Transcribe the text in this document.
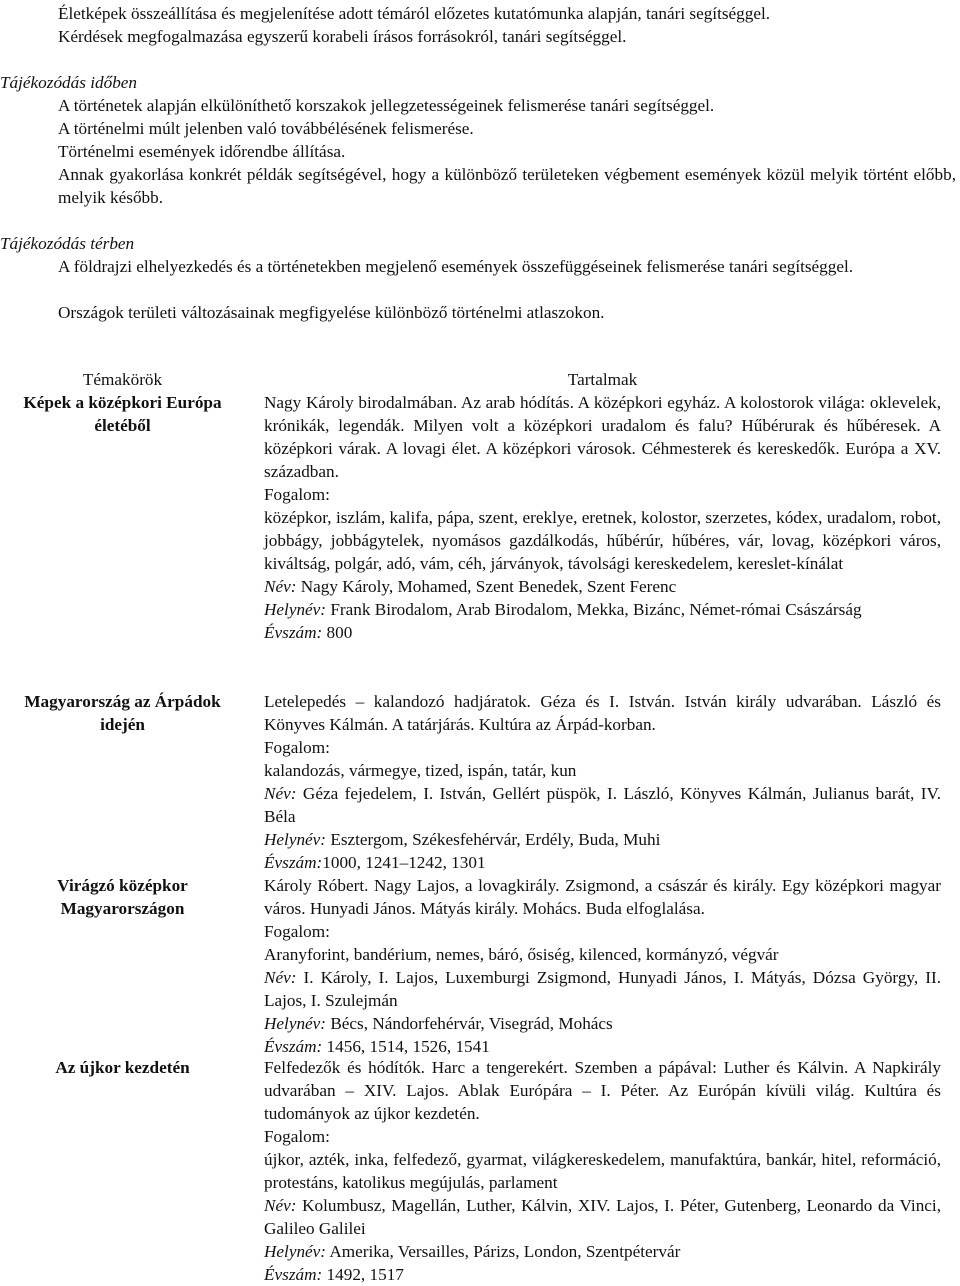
Életképek összeállítása és megjelenítése adott témáról előzetes kutatómunka alapján, tanári segítséggel.
Kérdések megfogalmazása egyszerű korabeli írásos forrásokról, tanári segítséggel.
Tájékozódás időben
A történetek alapján elkülöníthető korszakok jellegzetességeinek felismerése tanári segítséggel.
A történelmi múlt jelenben való továbbélésének felismerése.
Történelmi események időrendbe állítása.
Annak gyakorlása konkrét példák segítségével, hogy a különböző területeken végbement események közül melyik történt előbb, melyik később.
Tájékozódás térben
A földrajzi elhelyezkedés és a történetekben megjelenő események összefüggéseinek felismerése tanári segítséggel.
Országok területi változásainak megfigyelése különböző történelmi atlaszokon.
Témakörök	Tartalmak
Képek a középkori Európa életéből
Nagy Károly birodalmában. Az arab hódítás. A középkori egyház. A kolostorok világa: oklevelek, krónikák, legendák. Milyen volt a középkori uradalom és falu? Hűbérurak és hűbéresek. A középkori várak. A lovagi élet. A középkori városok. Céhmesterek és kereskedők. Európa a XV. században.
Fogalom:
középkor, iszlám, kalifa, pápa, szent, ereklye, eretnek, kolostor, szerzetes, kódex, uradalom, robot, jobbágy, jobbágytelek, nyomásos gazdálkodás, hűbérúr, hűbéres, vár, lovag, középkori város, kiváltság, polgár, adó, vám, céh, járványok, távolsági kereskedelem, kereslet-kínálat
Név: Nagy Károly, Mohamed, Szent Benedek, Szent Ferenc
Helynév: Frank Birodalom, Arab Birodalom, Mekka, Bizánc, Német-római Császárság
Évszám: 800
Magyarország az Árpádok idején
Letelepedés – kalandozó hadjáratok. Géza és I. István. István király udvarában. László és Könyves Kálmán. A tatárjárás. Kultúra az Árpád-korban.
Fogalom:
kalandozás, vármegye, tized, ispán, tatár, kun
Név: Géza fejedelem, I. István, Gellért püspök, I. László, Könyves Kálmán, Julianus barát, IV. Béla
Helynév: Esztergom, Székesfehérvár, Erdély, Buda, Muhi
Évszám:1000, 1241–1242, 1301
Virágzó középkor Magyarországon
Károly Róbert. Nagy Lajos, a lovagkirály. Zsigmond, a császár és király. Egy középkori magyar város. Hunyadi János. Mátyás király. Mohács. Buda elfoglalása.
Fogalom:
Aranyforint, bandérium, nemes, báró, ősiség, kilenced, kormányzó, végvár
Név: I. Károly, I. Lajos, Luxemburgi Zsigmond, Hunyadi János, I. Mátyás, Dózsa György, II. Lajos, I. Szulejmán
Helynév: Bécs, Nándorfehérvár, Visegrád, Mohács
Évszám: 1456, 1514, 1526, 1541
Az újkor kezdetén	Felfedezők és hódítók. Harc a tengerekért. Szemben a pápával: Luther és Kálvin. A Napkirály udvarában – XIV. Lajos. Ablak Európára – I. Péter. Az Európán kívüli világ. Kultúra és tudományok az újkor kezdetén.
Fogalom:
újkor, azték, inka, felfedező, gyarmat, világkereskedelem, manufaktúra, bankár, hitel, reformáció, protestáns, katolikus megújulás, parlament
Név: Kolumbusz, Magellán, Luther, Kálvin, XIV. Lajos, I. Péter, Gutenberg, Leonardo da Vinci, Galileo Galilei
Helynév: Amerika, Versailles, Párizs, London, Szentpétervár
Évszám: 1492, 1517
